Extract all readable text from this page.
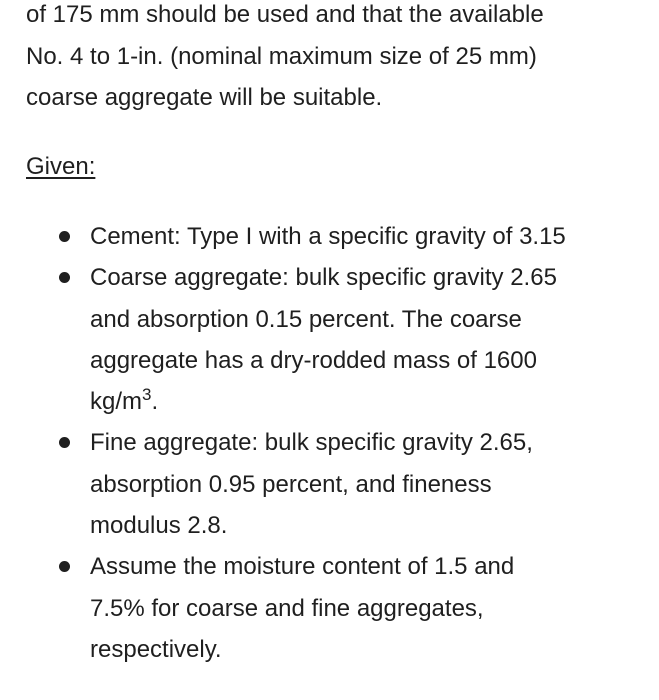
of 175 mm should be used and that the available
No. 4 to 1-in. (nominal maximum size of 25 mm)
coarse aggregate will be suitable.

Given:
Cement: Type I with a specific gravity of 3.15
Coarse aggregate: bulk specific gravity 2.65
and absorption 0.15 percent. The coarse
aggregate has a dry-rodded mass of 1600
$kg/m^3$.
Fine aggregate: bulk specific gravity 2.65,
absorption 0.95 percent, and fineness
modulus 2.8.
Assume the moisture content of 1.5 and
7.5% for coarse and fine aggregates,
respectively.
